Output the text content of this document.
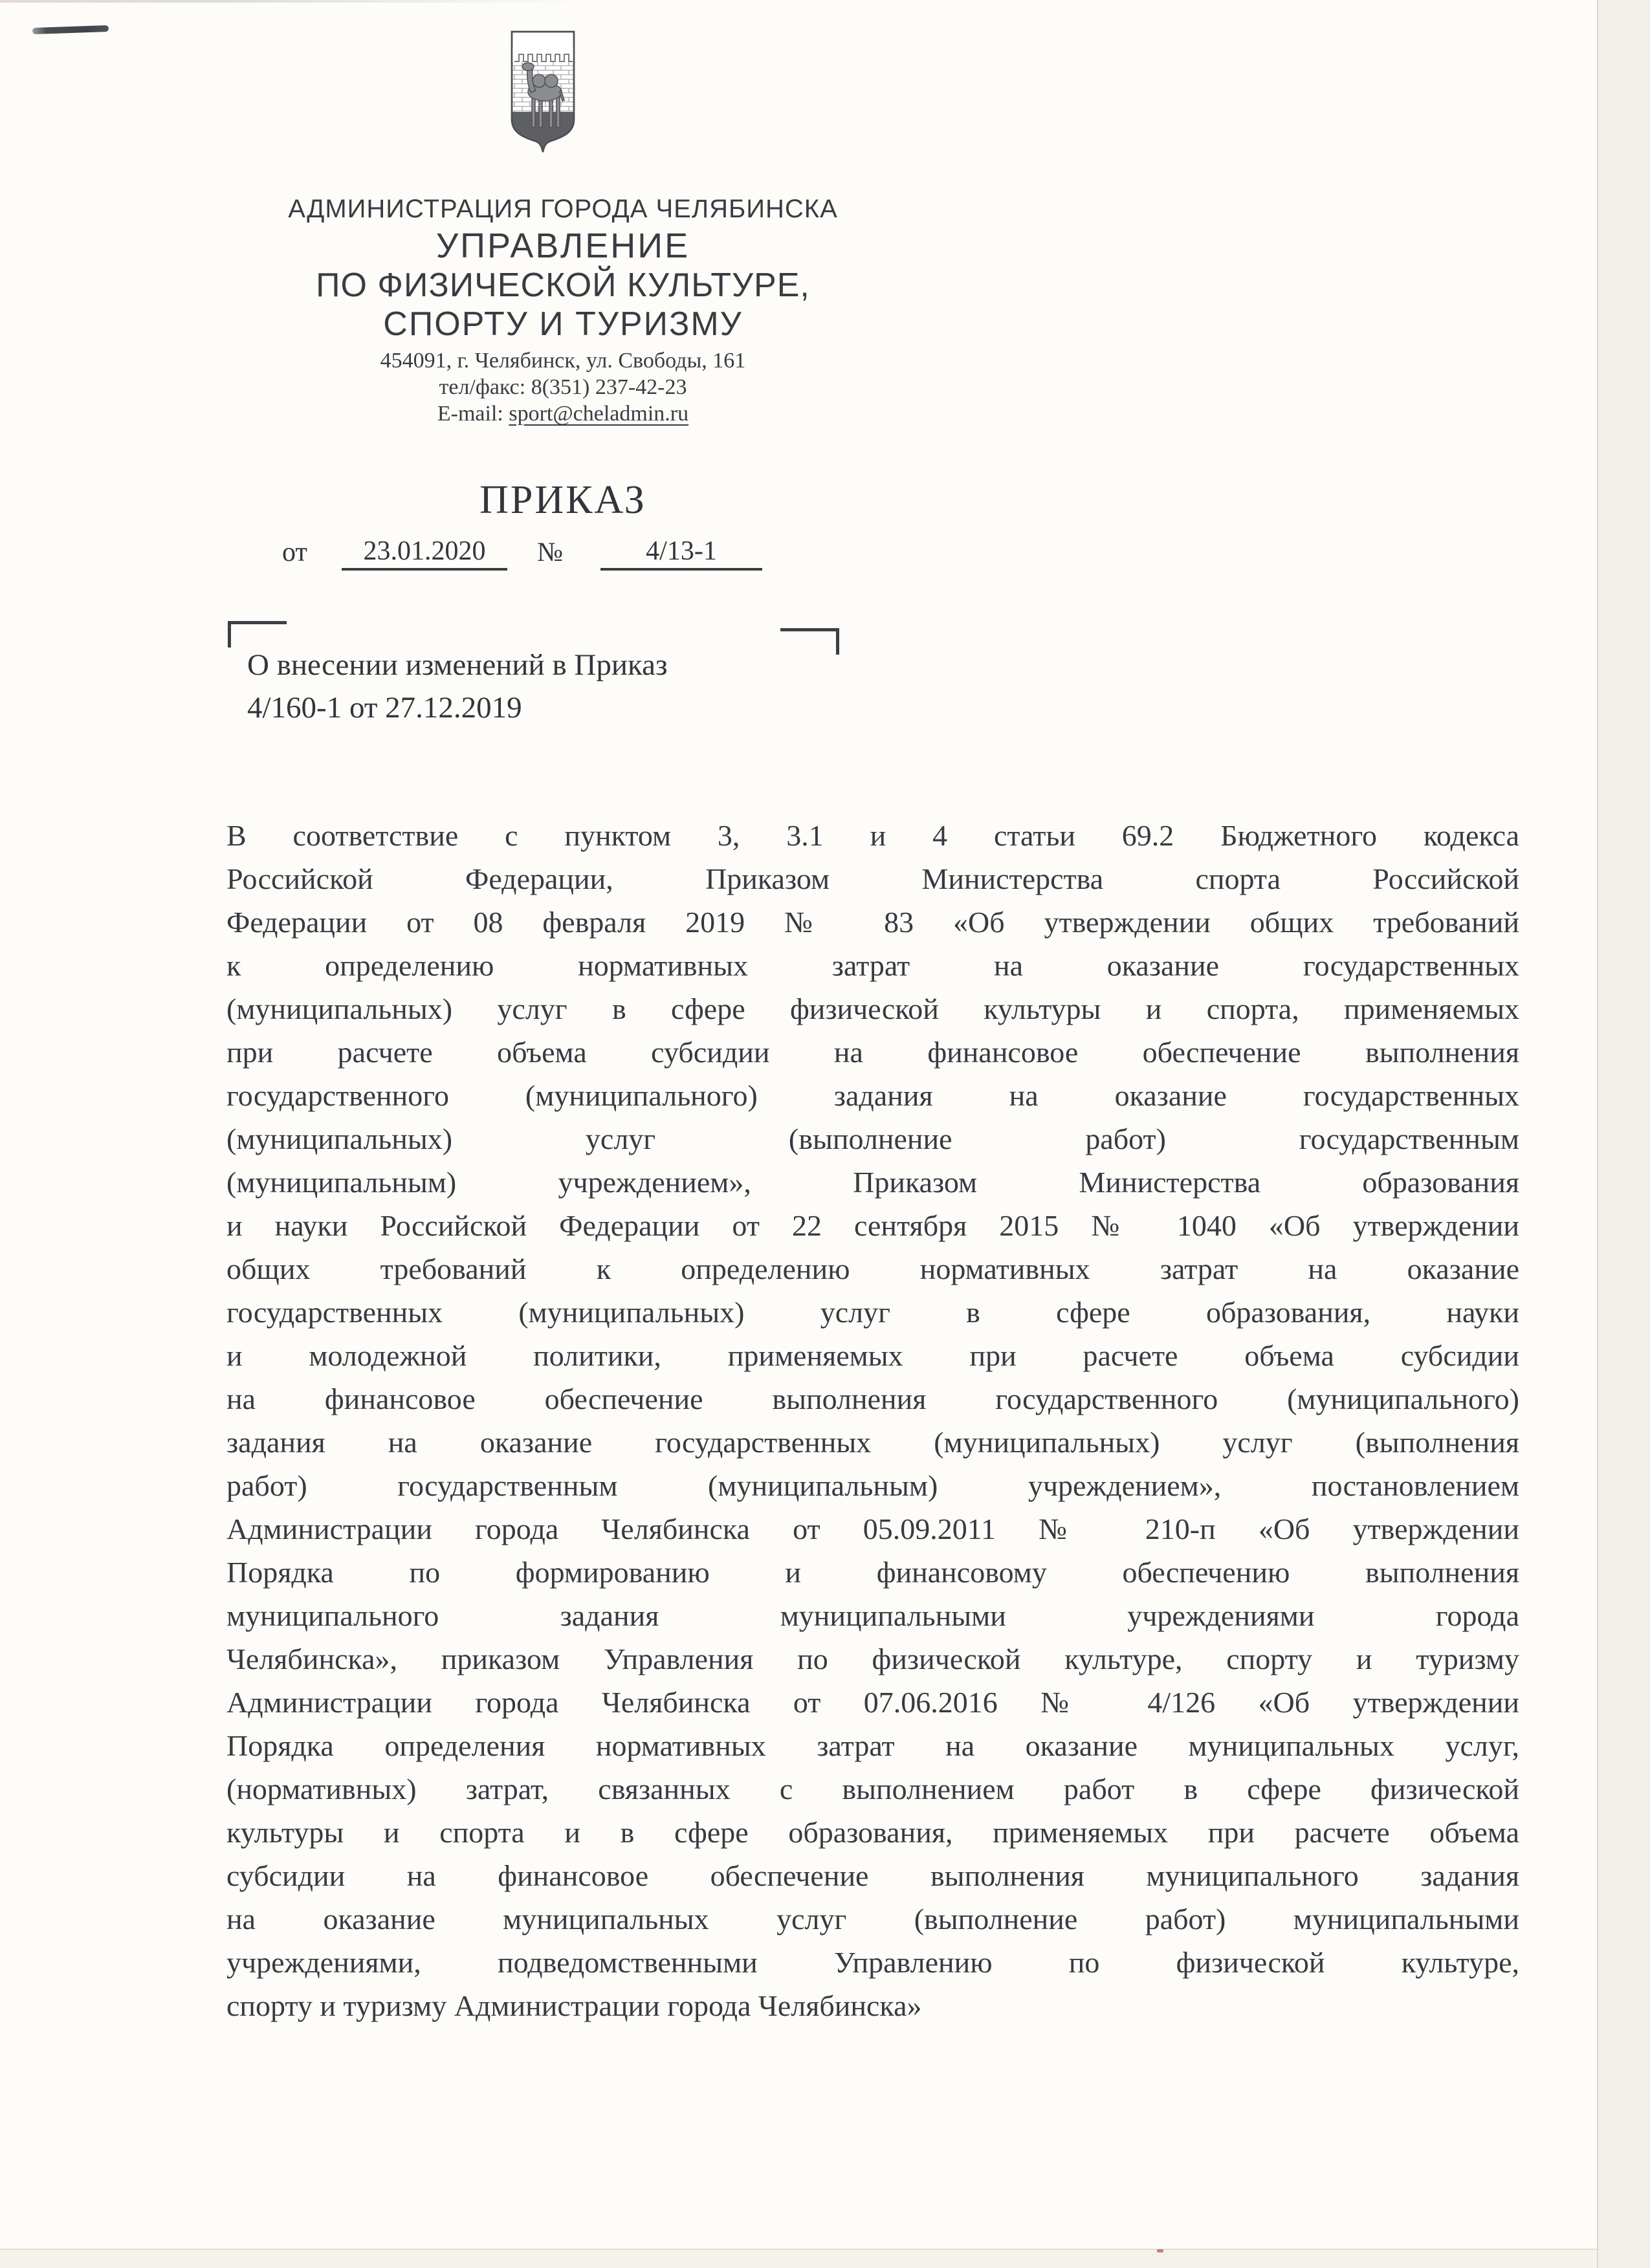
АДМИНИСТРАЦИЯ ГОРОДА ЧЕЛЯБИНСКА
УПРАВЛЕНИЕ
ПО ФИЗИЧЕСКОЙ КУЛЬТУРЕ,
СПОРТУ И ТУРИЗМУ
454091, г. Челябинск, ул. Свободы, 161
тел/факс: 8(351) 237-42-23
E-mail: sport@cheladmin.ru
ПРИКАЗ
от	23.01.2020	№	4/13-1
О внесении изменений в Приказ
4/160-1 от 27.12.2019
В соответствие с пунктом 3, 3.1 и 4 статьи 69.2 Бюджетного кодекса
Российской Федерации, Приказом Министерства спорта Российской
Федерации от 08 февраля 2019 № 83 «Об утверждении общих требований
к определению нормативных затрат на оказание государственных
(муниципальных) услуг в сфере физической культуры и спорта, применяемых
при расчете объема субсидии на финансовое обеспечение выполнения
государственного (муниципального) задания на оказание государственных
(муниципальных) услуг (выполнение работ) государственным
(муниципальным) учреждением», Приказом Министерства образования
и науки Российской Федерации от 22 сентября 2015 № 1040 «Об утверждении
общих требований к определению нормативных затрат на оказание
государственных (муниципальных) услуг в сфере образования, науки
и молодежной политики, применяемых при расчете объема субсидии
на финансовое обеспечение выполнения государственного (муниципального)
задания на оказание государственных (муниципальных) услуг (выполнения
работ) государственным (муниципальным) учреждением», постановлением
Администрации города Челябинска от 05.09.2011 № 210-п «Об утверждении
Порядка по формированию и финансовому обеспечению выполнения
муниципального задания муниципальными учреждениями города
Челябинска», приказом Управления по физической культуре, спорту и туризму
Администрации города Челябинска от 07.06.2016 № 4/126 «Об утверждении
Порядка определения нормативных затрат на оказание муниципальных услуг,
(нормативных) затрат, связанных с выполнением работ в сфере физической
культуры и спорта и в сфере образования, применяемых при расчете объема
субсидии на финансовое обеспечение выполнения муниципального задания
на оказание муниципальных услуг (выполнение работ) муниципальными
учреждениями, подведомственными Управлению по физической культуре,
спорту и туризму Администрации города Челябинска»
